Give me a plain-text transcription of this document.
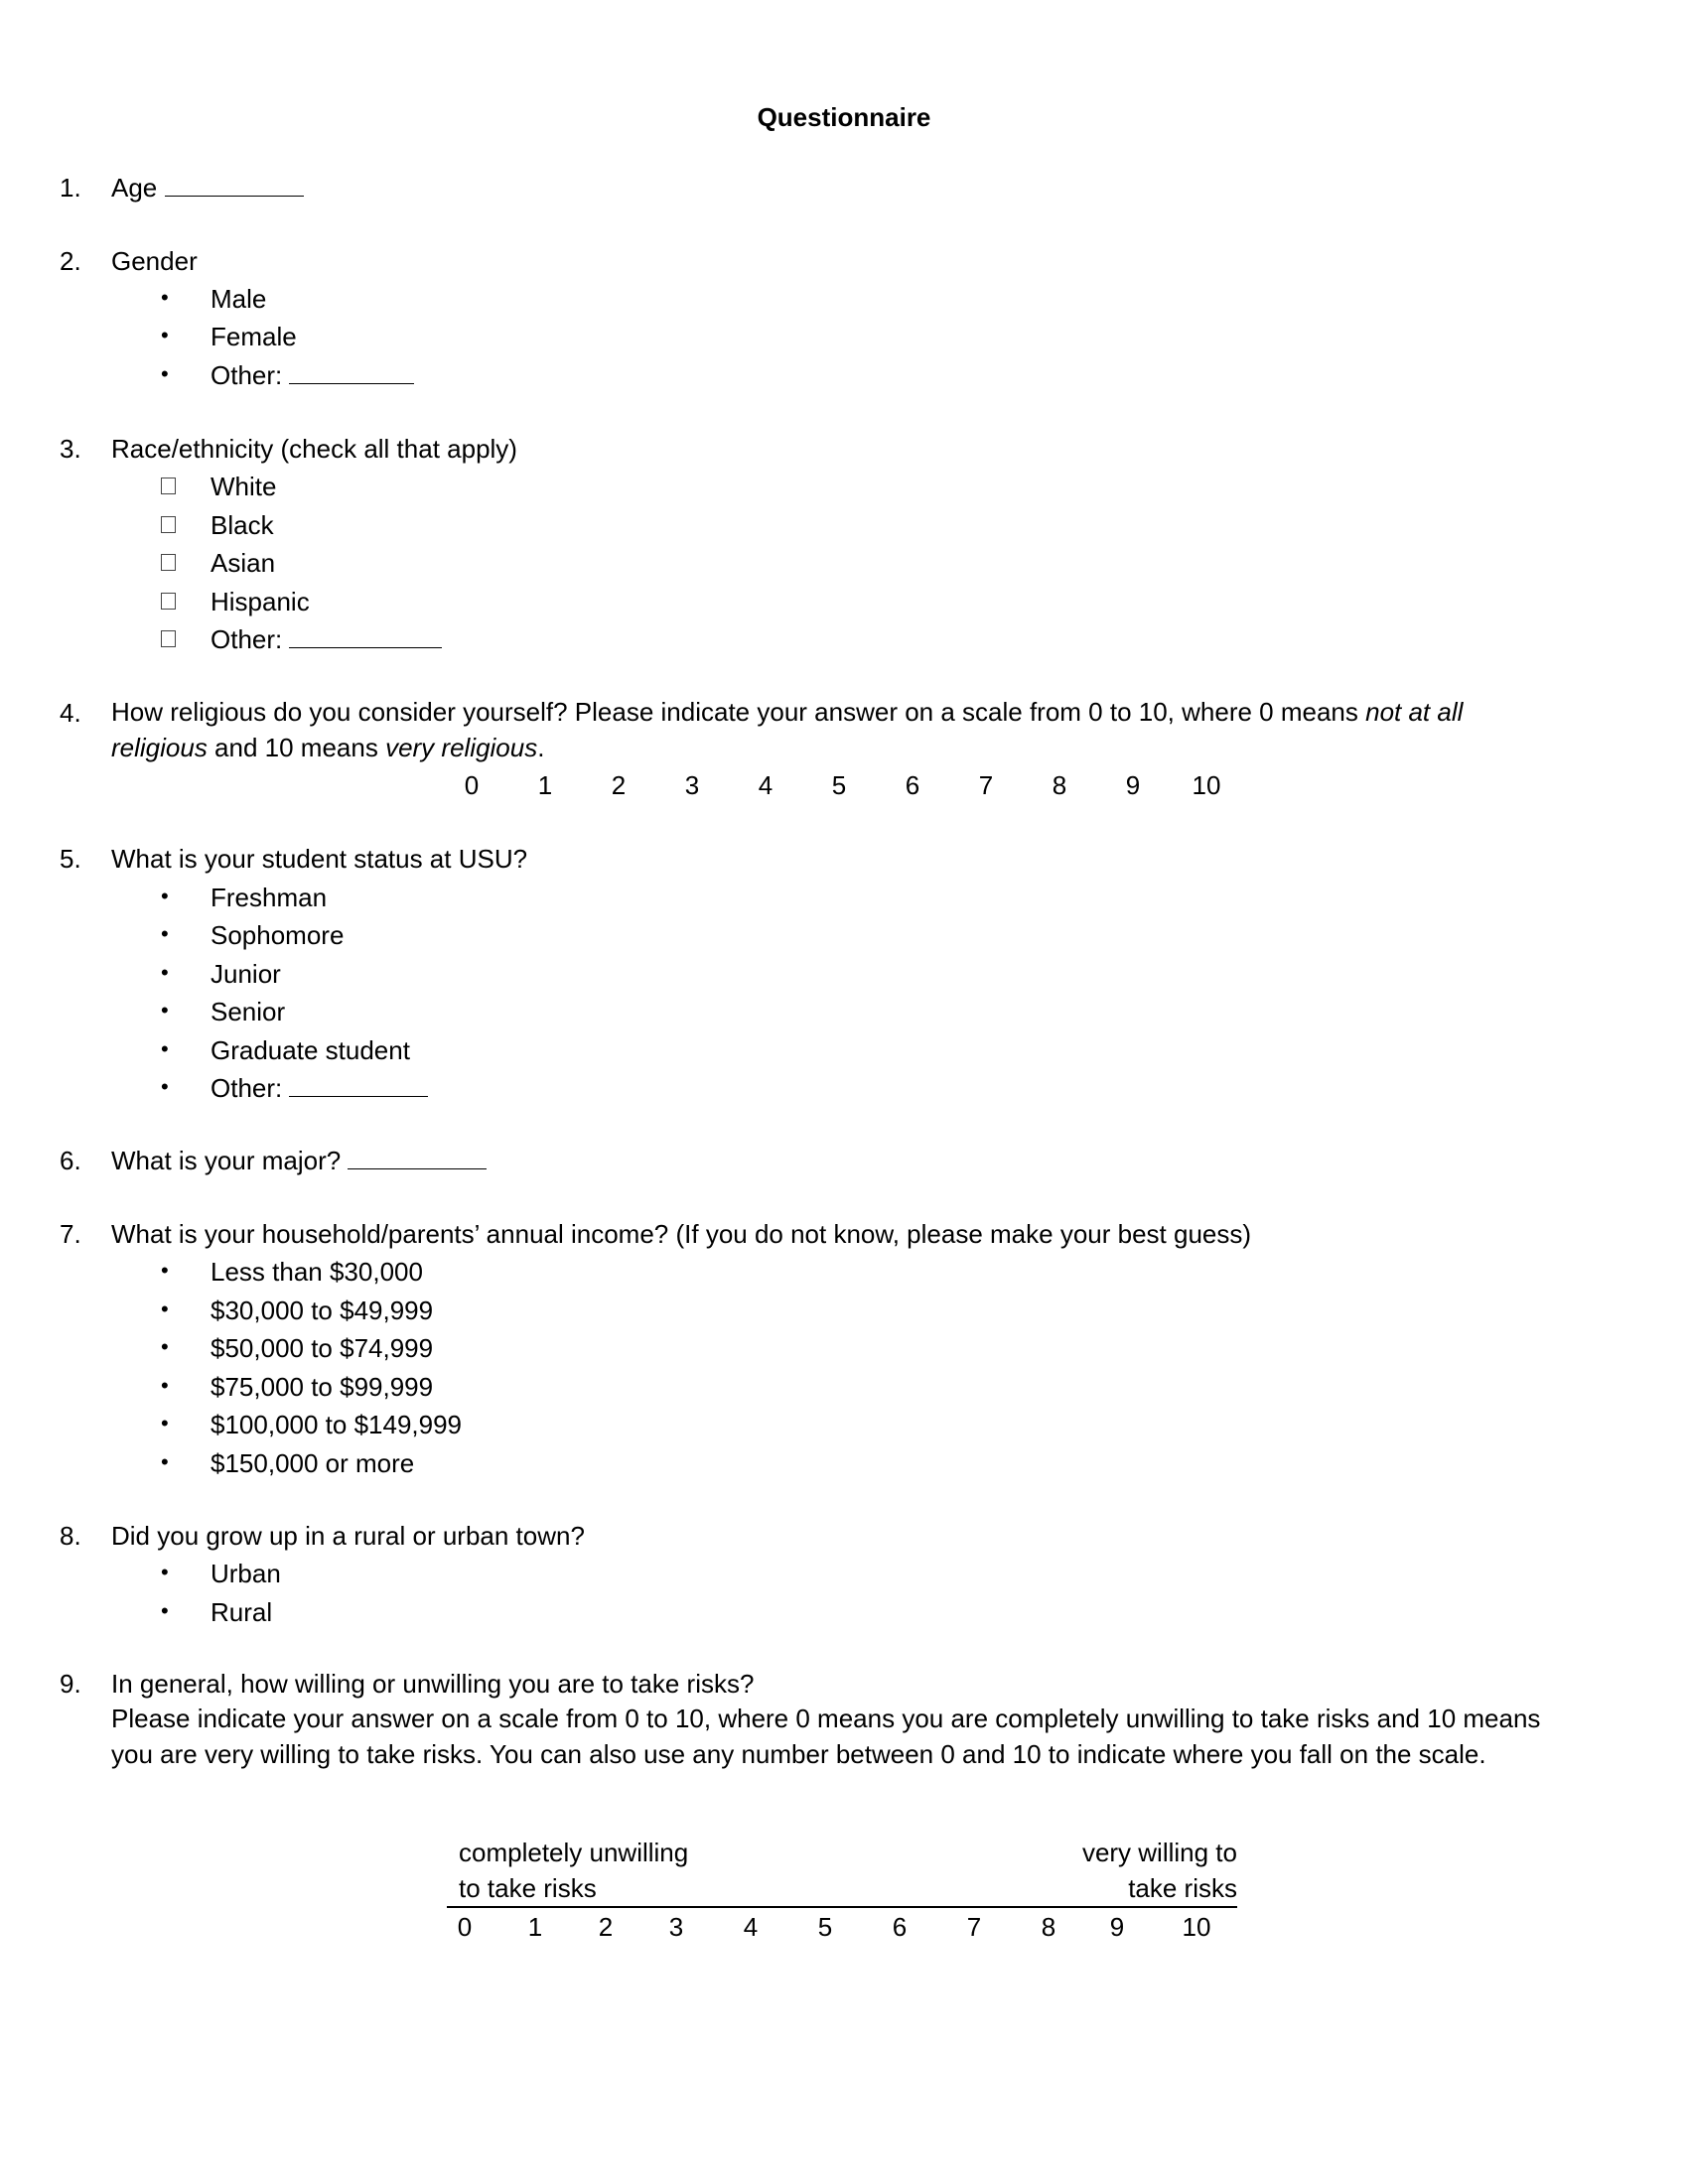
Questionnaire
1. Age
2. Gender
• Male
• Female
• Other:
3. Race/ethnicity (check all that apply)
White
Black
Asian
Hispanic
Other:
4. How religious do you consider yourself? Please indicate your answer on a scale from 0 to 10, where 0 means not at all religious and 10 means very religious.
0	1	2	3	4	5	6	7	8	9	10
5. What is your student status at USU?
• Freshman
• Sophomore
• Junior
• Senior
• Graduate student
• Other:
6. What is your major?
7. What is your household/parents’ annual income? (If you do not know, please make your best guess)
• Less than $30,000
• $30,000 to $49,999
• $50,000 to $74,999
• $75,000 to $99,999
• $100,000 to $149,999
• $150,000 or more
8. Did you grow up in a rural or urban town?
• Urban
• Rural
9. In general, how willing or unwilling you are to take risks?
Please indicate your answer on a scale from 0 to 10, where 0 means you are completely unwilling to take risks and 10 means you are very willing to take risks. You can also use any number between 0 and 10 to indicate where you fall on the scale.
completely unwilling
to take risks
very willing to
take risks
0	1	2	3	4	5	6	7	8	9	10
